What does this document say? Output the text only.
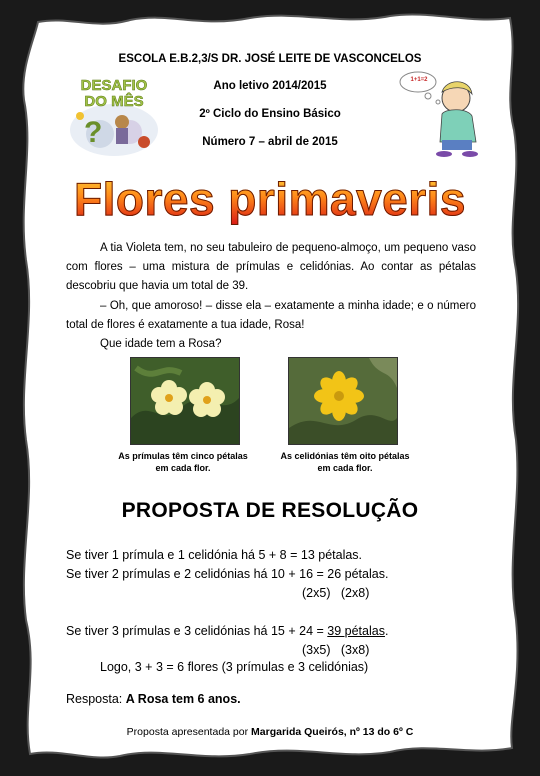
ESCOLA E.B.2,3/S DR. JOSÉ LEITE DE VASCONCELOS
Ano letivo 2014/2015
2º Ciclo do Ensino Básico
Número 7 – abril de 2015
?
DESAFIO
DO MÊS
1+1=2
Flores primaveris
A tia Violeta tem, no seu tabuleiro de pequeno-almoço, um pequeno vaso com flores – uma mistura de prímulas e celidónias. Ao contar as pétalas descobriu que havia um total de 39.
– Oh, que amoroso! – disse ela – exatamente a minha idade; e o número total de flores é exatamente a tua idade, Rosa!
Que idade tem a Rosa?
As prímulas têm cinco pétalas
em cada flor.
As celidónias têm oito pétalas
em cada flor.
PROPOSTA DE RESOLUÇÃO
Se tiver 1 prímula e 1 celidónia há 5 + 8 = 13 pétalas.
Se tiver 2 prímulas e 2 celidónias há 10 + 16 = 26 pétalas.
(2x5)   (2x8)
Se tiver 3 prímulas e 3 celidónias há 15 + 24 = 39 pétalas.
(3x5)   (3x8)
Logo, 3 + 3 = 6 flores (3 prímulas e 3 celidónias)
Resposta: A Rosa tem 6 anos.
Proposta apresentada por Margarida Queirós, nº 13 do 6º C
